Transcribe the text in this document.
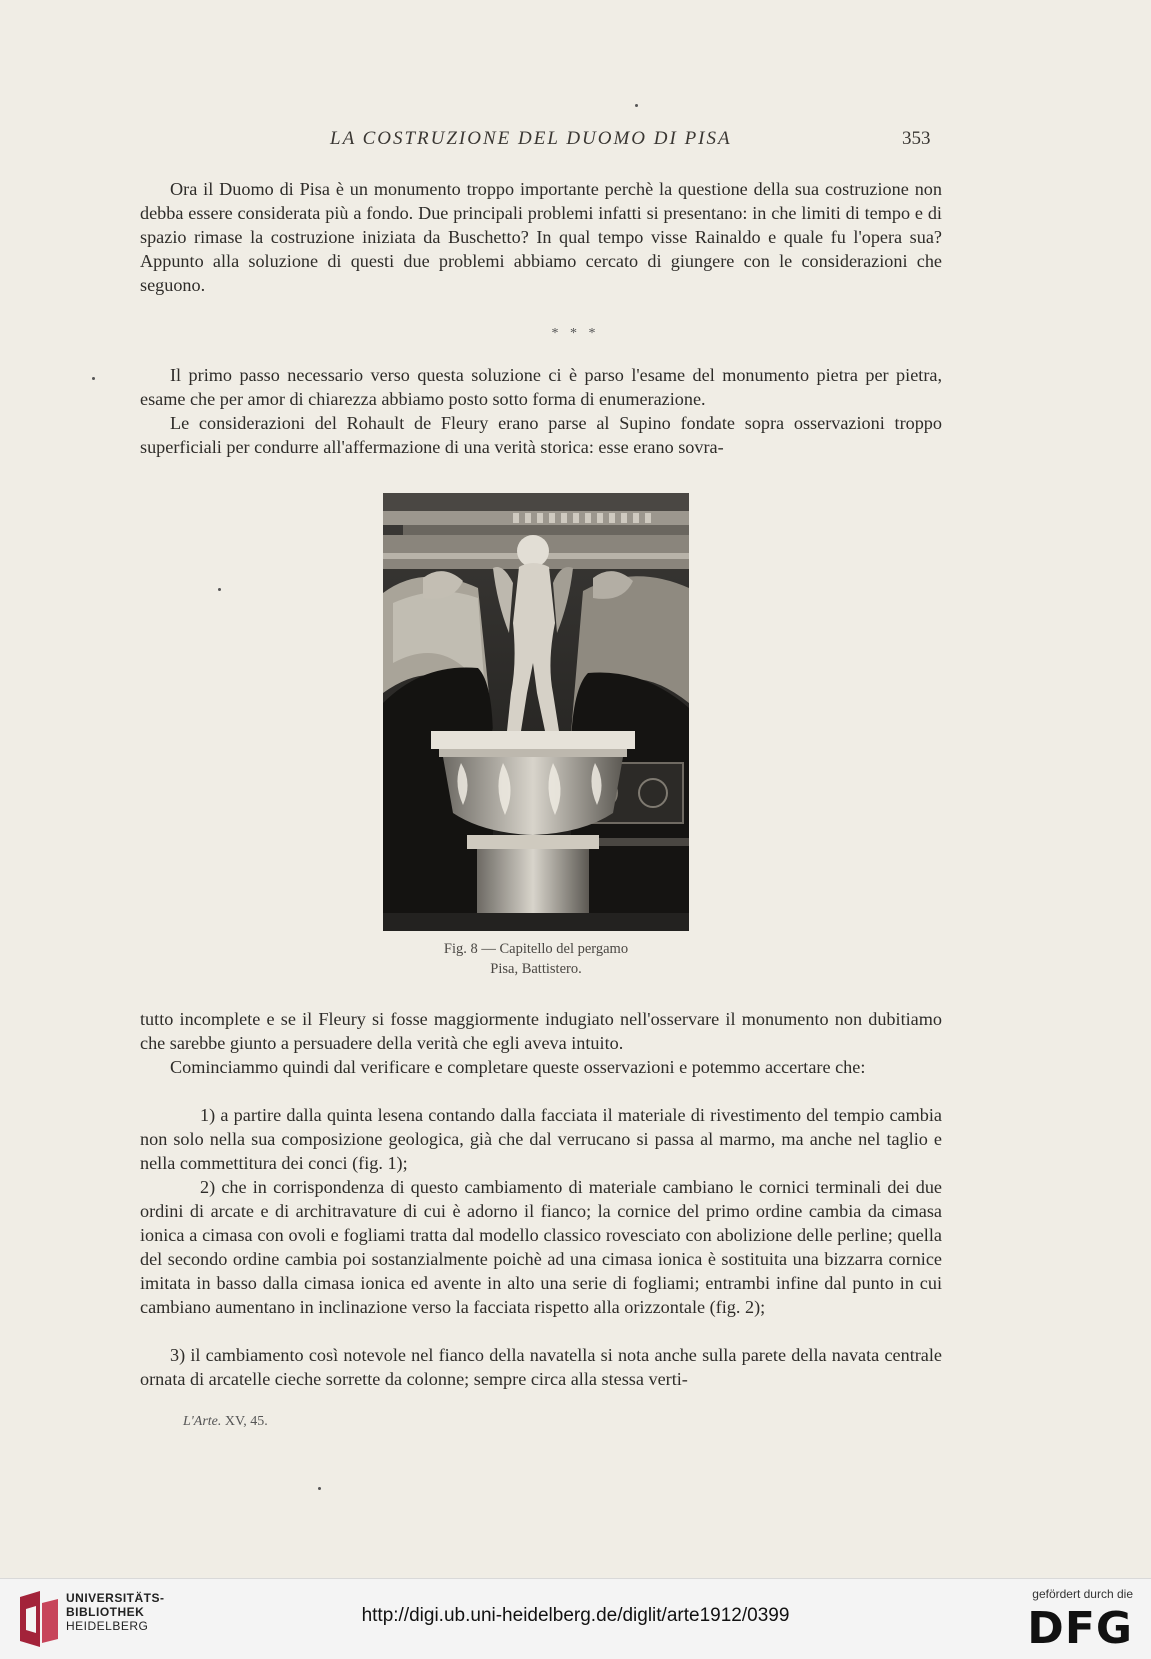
LA COSTRUZIONE DEL DUOMO DI PISA	353

Ora il Duomo di Pisa è un monumento troppo importante perchè la questione della sua costruzione non debba essere considerata più a fondo. Due principali problemi infatti si presentano: in che limiti di tempo e di spazio rimase la costruzione iniziata da Buschetto? In qual tempo visse Rainaldo e quale fu l'opera sua? Appunto alla soluzione di questi due problemi abbiamo cercato di giungere con le considerazioni che seguono.

* * *

Il primo passo necessario verso questa soluzione ci è parso l'esame del monumento pietra per pietra, esame che per amor di chiarezza abbiamo posto sotto forma di enumerazione.

Le considerazioni del Rohault de Fleury erano parse al Supino fondate sopra osservazioni troppo superficiali per condurre all'affermazione di una verità storica: esse erano sovra-

Fig. 8 — Capitello del pergamo
Pisa, Battistero.

tutto incomplete e se il Fleury si fosse maggiormente indugiato nell'osservare il monumento non dubitiamo che sarebbe giunto a persuadere della verità che egli aveva intuito.

Cominciammo quindi dal verificare e completare queste osservazioni e potemmo accertare che:

1) a partire dalla quinta lesena contando dalla facciata il materiale di rivestimento del tempio cambia non solo nella sua composizione geologica, già che dal verrucano si passa al marmo, ma anche nel taglio e nella commettitura dei conci (fig. 1);

2) che in corrispondenza di questo cambiamento di materiale cambiano le cornici terminali dei due ordini di arcate e di architravature di cui è adorno il fianco; la cornice del primo ordine cambia da cimasa ionica a cimasa con ovoli e fogliami tratta dal modello classico rovesciato con abolizione delle perline; quella del secondo ordine cambia poi sostanzialmente poichè ad una cimasa ionica è sostituita una bizzarra cornice imitata in basso dalla cimasa ionica ed avente in alto una serie di fogliami; entrambi infine dal punto in cui cambiano aumentano in inclinazione verso la facciata rispetto alla orizzontale (fig. 2);

3) il cambiamento così notevole nel fianco della navatella si nota anche sulla parete della navata centrale ornata di arcatelle cieche sorrette da colonne; sempre circa alla stessa verti-

L'Arte. XV, 45.
UNIVERSITÄTS-
BIBLIOTHEK
HEIDELBERG	http://digi.ub.uni-heidelberg.de/diglit/arte1912/0399
gefördert durch die
DFG
